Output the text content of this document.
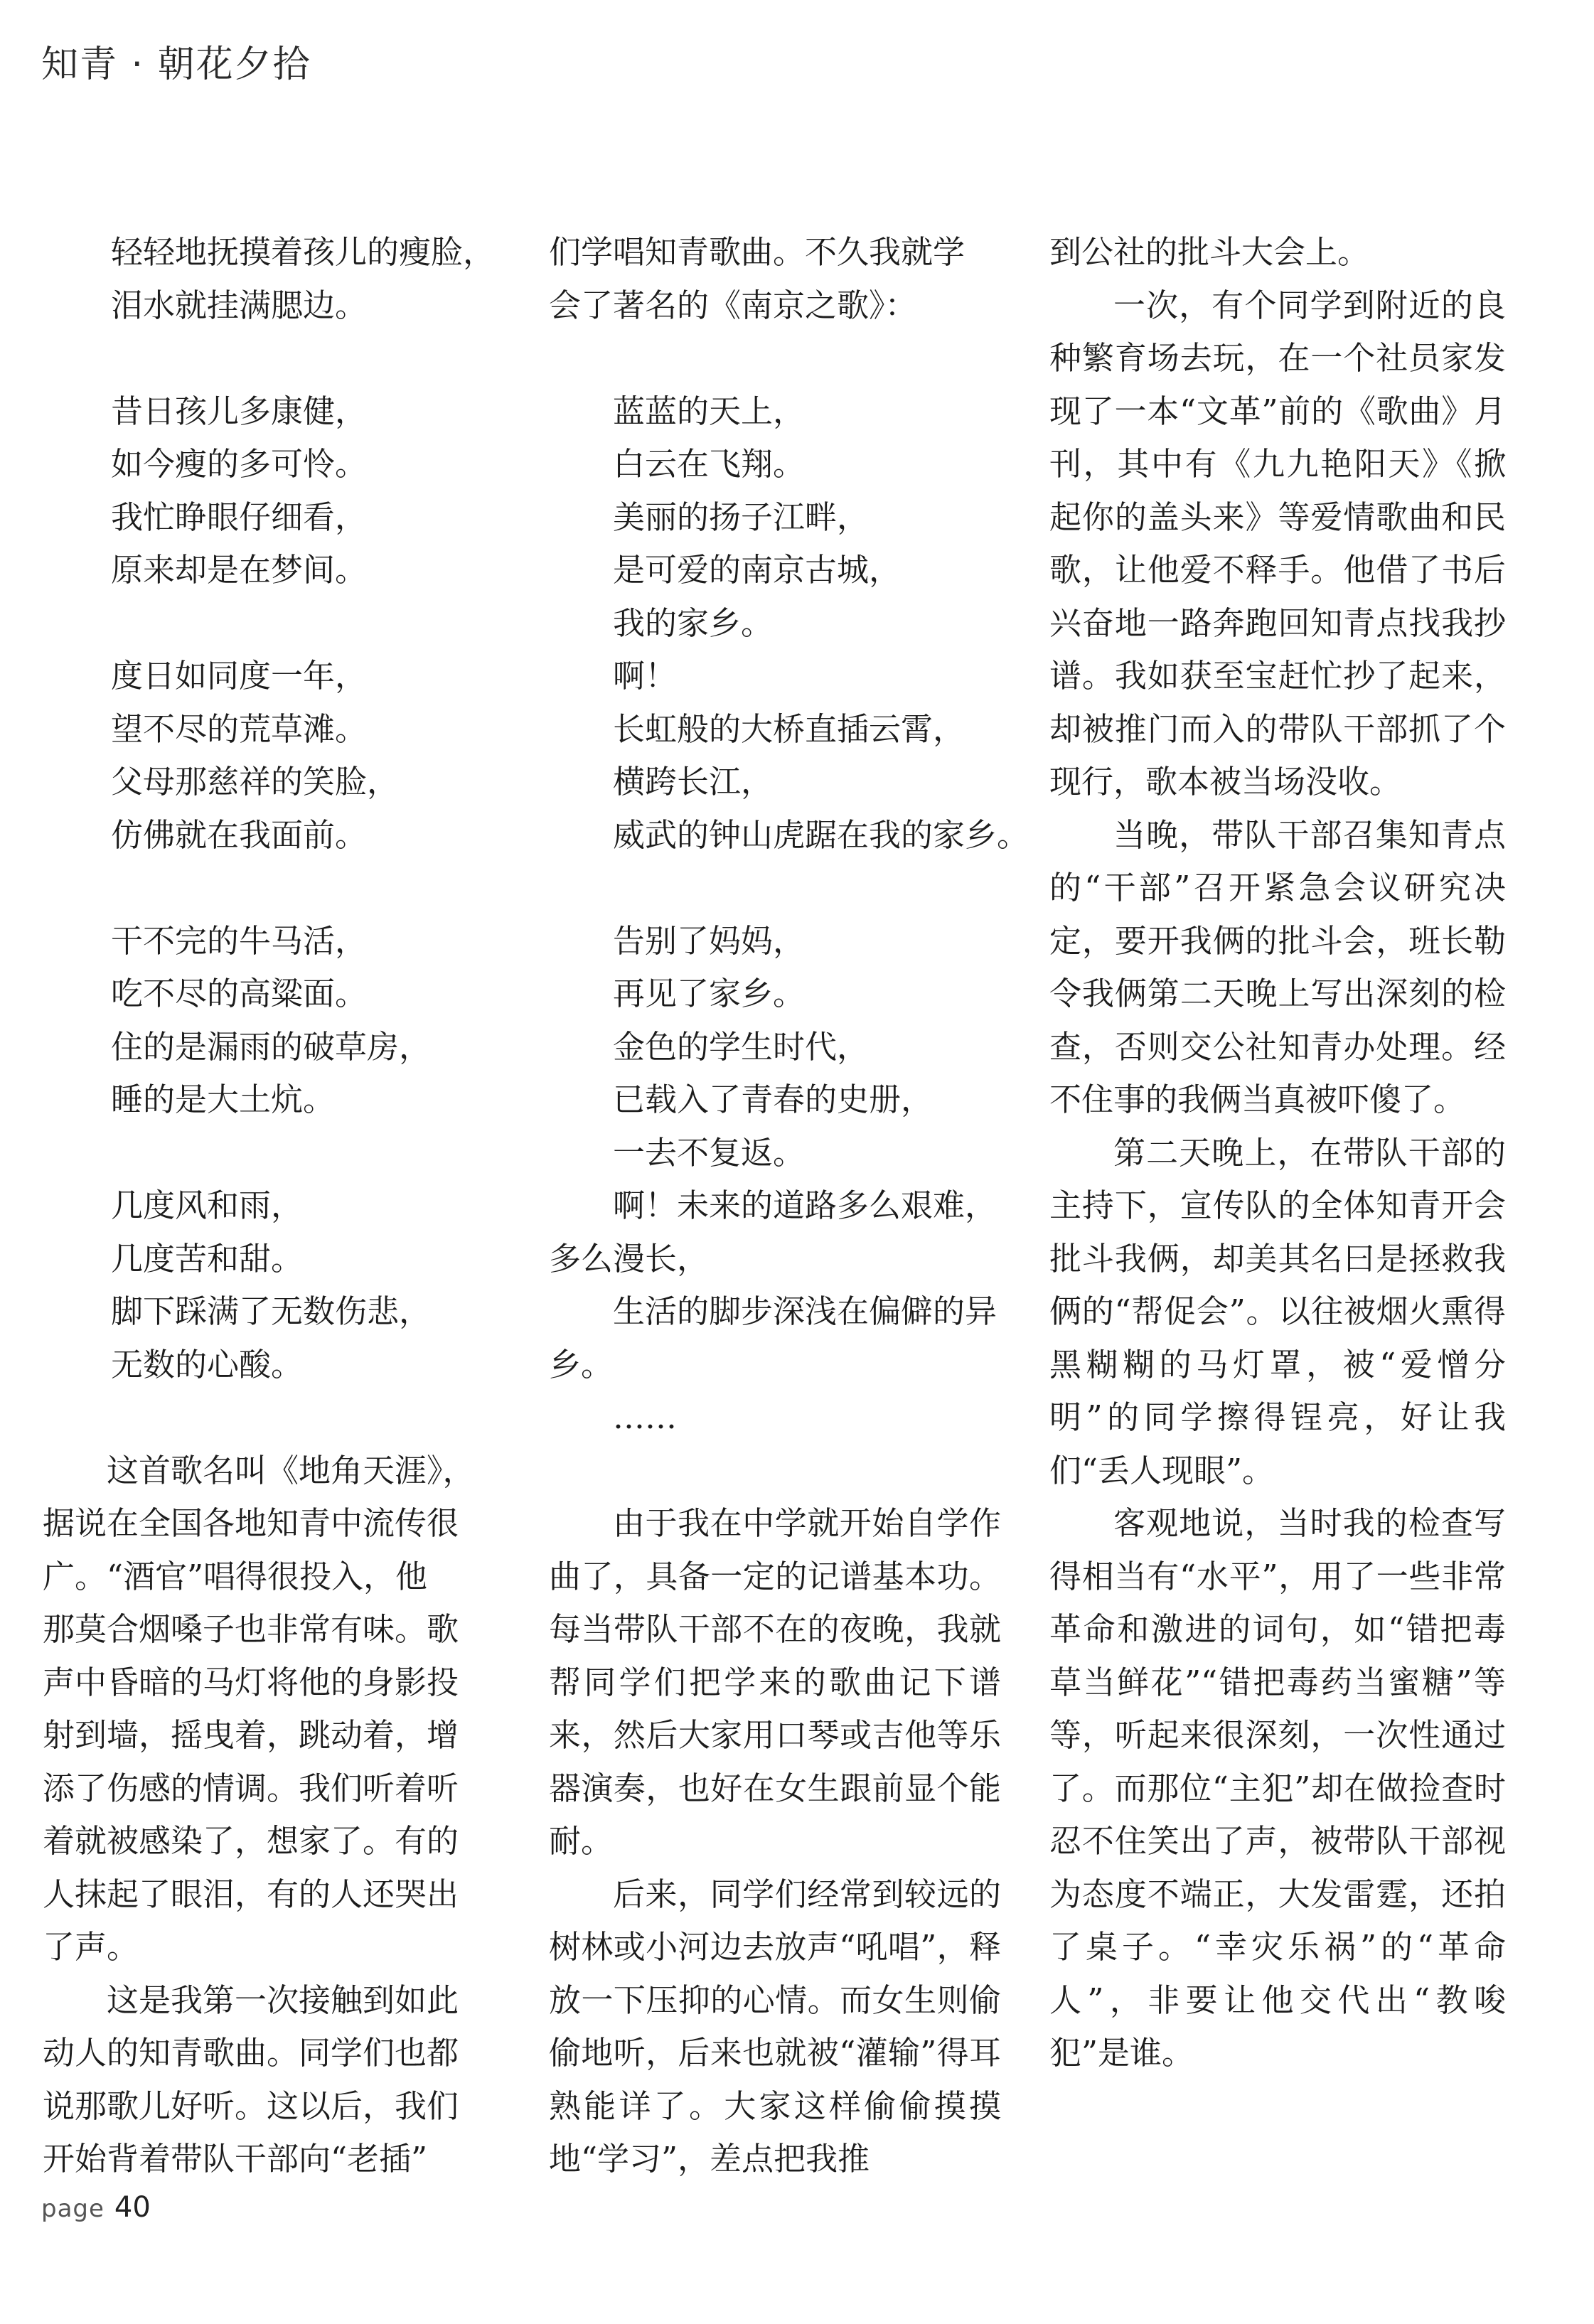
知青 · 朝花夕拾

轻轻地抚摸着孩儿的瘦脸，

泪水就挂满腮边。

昔日孩儿多康健，

如今瘦的多可怜。

我忙睁眼仔细看，

原来却是在梦间。

度日如同度一年，

望不尽的荒草滩。

父母那慈祥的笑脸，

仿佛就在我面前。

干不完的牛马活，

吃不尽的高粱面。

住的是漏雨的破草房，

睡的是大土炕。

几度风和雨，

几度苦和甜。

脚下踩满了无数伤悲，

无数的心酸。

这首歌名叫《地角天涯》，

据说在全国各地知青中流传很

广。“酒官”唱得很投入，他

那莫合烟嗓子也非常有味。歌

声中昏暗的马灯将他的身影投

射到墙，摇曳着，跳动着，增

添了伤感的情调。我们听着听

着就被感染了，想家了。有的

人抹起了眼泪，有的人还哭出

了声。

这是我第一次接触到如此

动人的知青歌曲。同学们也都

说那歌儿好听。这以后，我们

开始背着带队干部向“老插”

们学唱知青歌曲。不久我就学

会了著名的《南京之歌》：

蓝蓝的天上，

白云在飞翔。

美丽的扬子江畔，

是可爱的南京古城，

我的家乡。

啊！

长虹般的大桥直插云霄，

横跨长江，

威武的钟山虎踞在我的家乡。

告别了妈妈，

再见了家乡。

金色的学生时代，

已载入了青春的史册，

一去不复返。

啊！未来的道路多么艰难，多么漫长，

生活的脚步深浅在偏僻的异乡。

……

由于我在中学就开始自学作曲了，具备一定的记谱基本功。每当带队干部不在的夜晚，我就帮同学们把学来的歌曲记下谱来，然后大家用口琴或吉他等乐器演奏，也好在女生跟前显个能耐。

后来，同学们经常到较远的树林或小河边去放声“吼唱”，释放一下压抑的心情。而女生则偷偷地听，后来也就被“灌输”得耳熟能详了。大家这样偷偷摸摸地“学习”，差点把我推

到公社的批斗大会上。

一次，有个同学到附近的良种繁育场去玩，在一个社员家发现了一本“文革”前的《歌曲》月刊，其中有《九九艳阳天》《掀起你的盖头来》等爱情歌曲和民歌，让他爱不释手。他借了书后兴奋地一路奔跑回知青点找我抄谱。我如获至宝赶忙抄了起来，却被推门而入的带队干部抓了个现行，歌本被当场没收。

当晚，带队干部召集知青点的“干部”召开紧急会议研究决定，要开我俩的批斗会，班长勒令我俩第二天晚上写出深刻的检查，否则交公社知青办处理。经不住事的我俩当真被吓傻了。

第二天晚上，在带队干部的主持下，宣传队的全体知青开会批斗我俩，却美其名曰是拯救我俩的“帮促会”。以往被烟火熏得黑糊糊的马灯罩，被“爱憎分明”的同学擦得锃亮，好让我们“丢人现眼”。

客观地说，当时我的检查写得相当有“水平”，用了一些非常革命和激进的词句，如“错把毒草当鲜花”“错把毒药当蜜糖”等等，听起来很深刻，一次性通过了。而那位“主犯”却在做捡查时忍不住笑出了声，被带队干部视为态度不端正，大发雷霆，还拍了桌子。“幸灾乐祸”的“革命人”，非要让他交代出“教唆犯”是谁。

page 40
